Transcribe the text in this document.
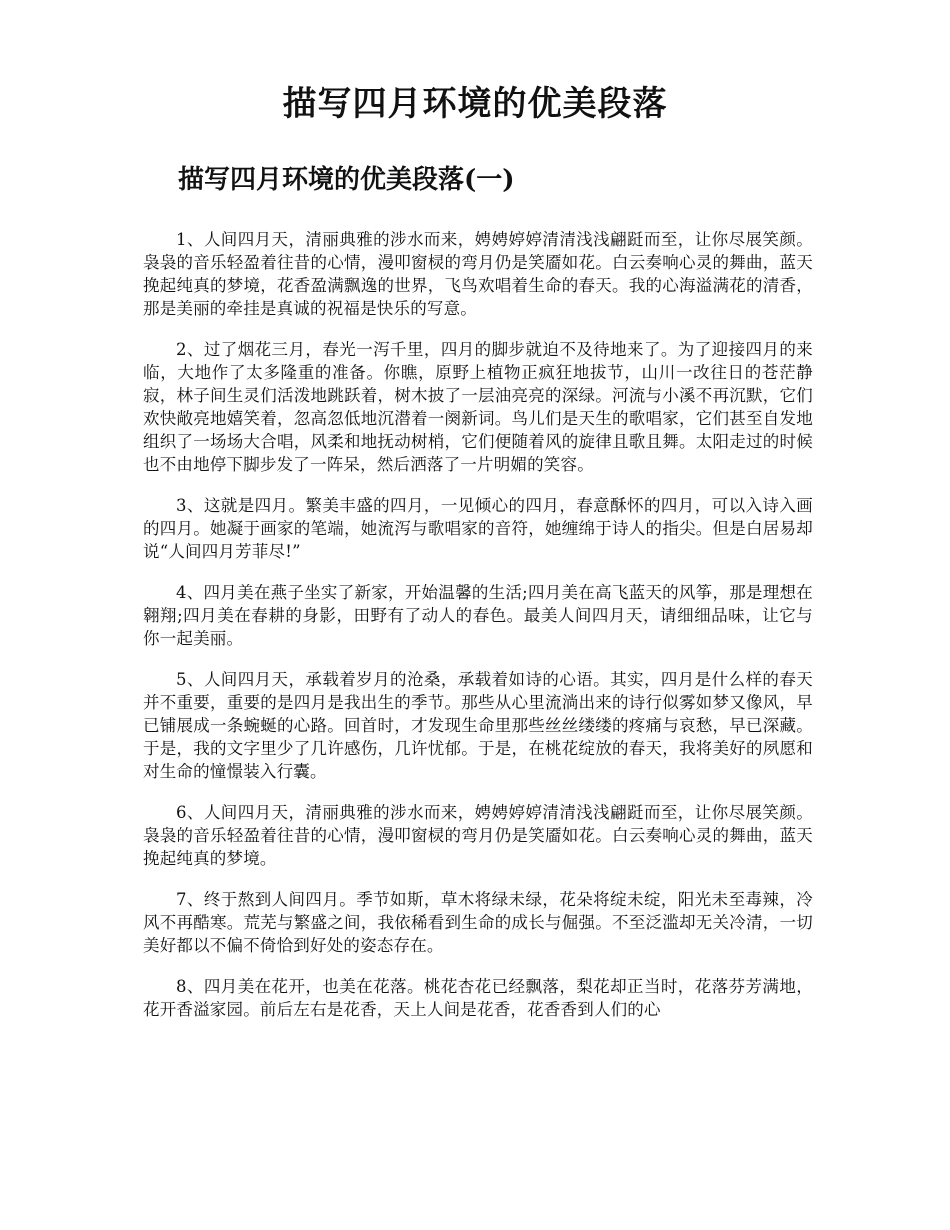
描写四月环境的优美段落
描写四月环境的优美段落(一)

1、人间四月天，清丽典雅的涉水而来，娉娉婷婷清清浅浅翩跹而至，让你尽展笑颜。袅袅的音乐轻盈着往昔的心情，漫叩窗棂的弯月仍是笑靥如花。白云奏响心灵的舞曲，蓝天挽起纯真的梦境，花香盈满飘逸的世界，飞鸟欢唱着生命的春天。我的心海溢满花的清香，那是美丽的牵挂是真诚的祝福是快乐的写意。

2、过了烟花三月，春光一泻千里，四月的脚步就迫不及待地来了。为了迎接四月的来临，大地作了太多隆重的准备。你瞧，原野上植物正疯狂地拔节，山川一改往日的苍茫静寂，林子间生灵们活泼地跳跃着，树木披了一层油亮亮的深绿。河流与小溪不再沉默，它们欢快敞亮地嬉笑着，忽高忽低地沉潜着一阕新词。鸟儿们是天生的歌唱家，它们甚至自发地组织了一场场大合唱，风柔和地抚动树梢，它们便随着风的旋律且歌且舞。太阳走过的时候也不由地停下脚步发了一阵呆，然后洒落了一片明媚的笑容。

3、这就是四月。繁美丰盛的四月，一见倾心的四月，春意酥怀的四月，可以入诗入画的四月。她凝于画家的笔端，她流泻与歌唱家的音符，她缠绵于诗人的指尖。但是白居易却说“人间四月芳菲尽!”

4、四月美在燕子坐实了新家，开始温馨的生活;四月美在高飞蓝天的风筝，那是理想在翱翔;四月美在春耕的身影，田野有了动人的春色。最美人间四月天，请细细品味，让它与你一起美丽。

5、人间四月天，承载着岁月的沧桑，承载着如诗的心语。其实，四月是什么样的春天并不重要，重要的是四月是我出生的季节。那些从心里流淌出来的诗行似雾如梦又像风，早已铺展成一条蜿蜒的心路。回首时，才发现生命里那些丝丝缕缕的疼痛与哀愁，早已深藏。于是，我的文字里少了几许感伤，几许忧郁。于是，在桃花绽放的春天，我将美好的夙愿和对生命的憧憬装入行囊。

6、人间四月天，清丽典雅的涉水而来，娉娉婷婷清清浅浅翩跹而至，让你尽展笑颜。袅袅的音乐轻盈着往昔的心情，漫叩窗棂的弯月仍是笑靥如花。白云奏响心灵的舞曲，蓝天挽起纯真的梦境。

7、终于熬到人间四月。季节如斯，草木将绿未绿，花朵将绽未绽，阳光未至毒辣，冷风不再酷寒。荒芜与繁盛之间，我依稀看到生命的成长与倔强。不至泛滥却无关冷清，一切美好都以不偏不倚恰到好处的姿态存在。

8、四月美在花开，也美在花落。桃花杏花已经飘落，梨花却正当时，花落芬芳满地，花开香溢家园。前后左右是花香，天上人间是花香，花香香到人们的心
